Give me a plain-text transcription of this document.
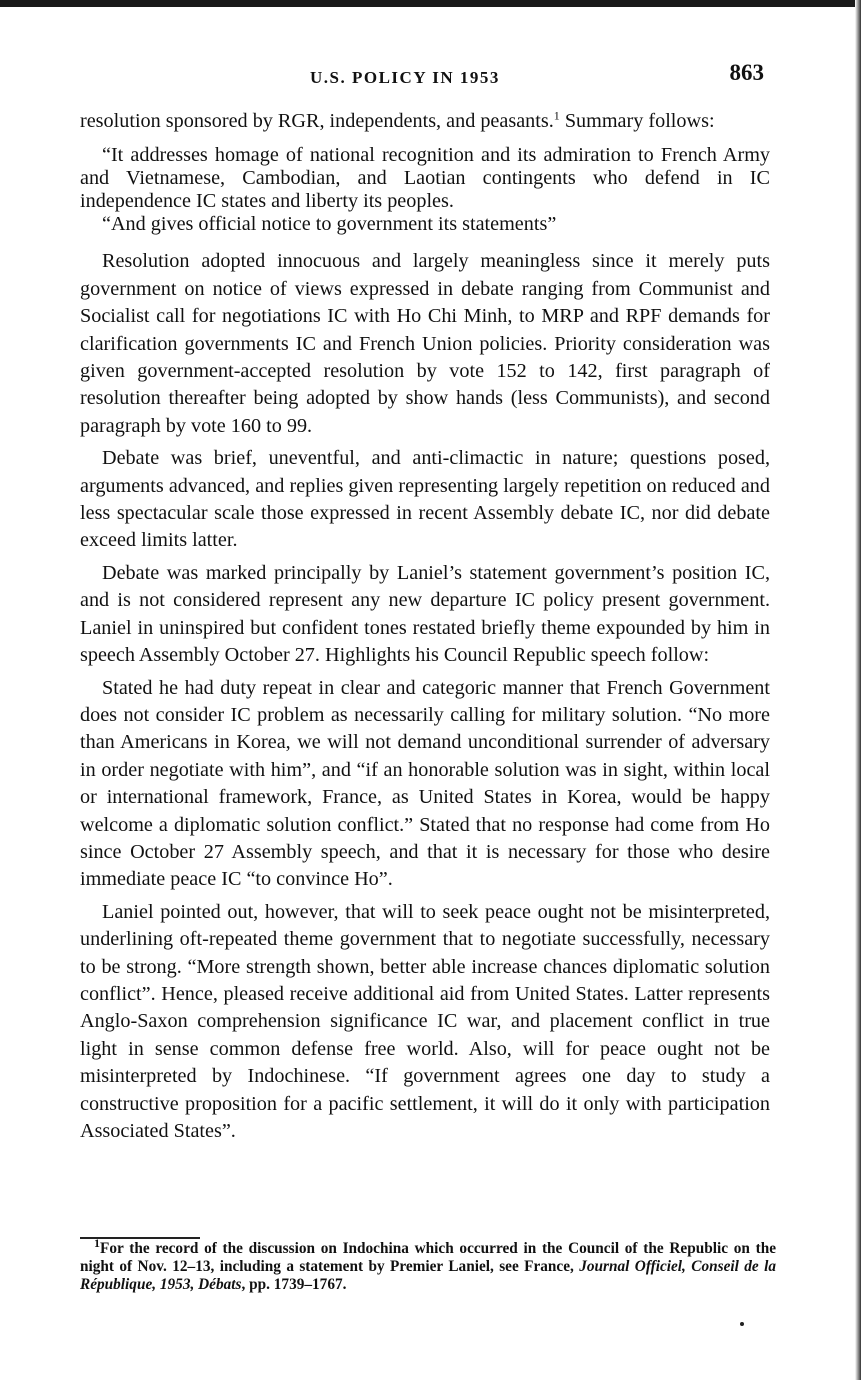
U.S. POLICY IN 1953	863

resolution sponsored by RGR, independents, and peasants.$^1$ Summary follows:

“It addresses homage of national recognition and its admiration to French Army and Vietnamese, Cambodian, and Laotian contingents who defend in IC independence IC states and liberty its peoples.

“And gives official notice to government its statements”

Resolution adopted innocuous and largely meaningless since it merely puts government on notice of views expressed in debate ranging from Communist and Socialist call for negotiations IC with Ho Chi Minh, to MRP and RPF demands for clarification governments IC and French Union policies. Priority consideration was given government-accepted resolution by vote 152 to 142, first paragraph of resolution thereafter being adopted by show hands (less Communists), and second paragraph by vote 160 to 99.

Debate was brief, uneventful, and anti-climactic in nature; questions posed, arguments advanced, and replies given representing largely repetition on reduced and less spectacular scale those expressed in recent Assembly debate IC, nor did debate exceed limits latter.

Debate was marked principally by Laniel’s statement government’s position IC, and is not considered represent any new departure IC policy present government. Laniel in uninspired but confident tones restated briefly theme expounded by him in speech Assembly October 27. Highlights his Council Republic speech follow:

Stated he had duty repeat in clear and categoric manner that French Government does not consider IC problem as necessarily calling for military solution. “No more than Americans in Korea, we will not demand unconditional surrender of adversary in order negotiate with him”, and “if an honorable solution was in sight, within local or international framework, France, as United States in Korea, would be happy welcome a diplomatic solution conflict.” Stated that no response had come from Ho since October 27 Assembly speech, and that it is necessary for those who desire immediate peace IC “to convince Ho”.

Laniel pointed out, however, that will to seek peace ought not be misinterpreted, underlining oft-repeated theme government that to negotiate successfully, necessary to be strong. “More strength shown, better able increase chances diplomatic solution conflict”. Hence, pleased receive additional aid from United States. Latter represents Anglo-Saxon comprehension significance IC war, and placement conflict in true light in sense common defense free world. Also, will for peace ought not be misinterpreted by Indochinese. “If government agrees one day to study a constructive proposition for a pacific settlement, it will do it only with participation Associated States”.

$^1$For the record of the discussion on Indochina which occurred in the Council of the Republic on the night of Nov. 12–13, including a statement by Premier Laniel, see France, Journal Officiel, Conseil de la République, 1953, Débats, pp. 1739–1767.
